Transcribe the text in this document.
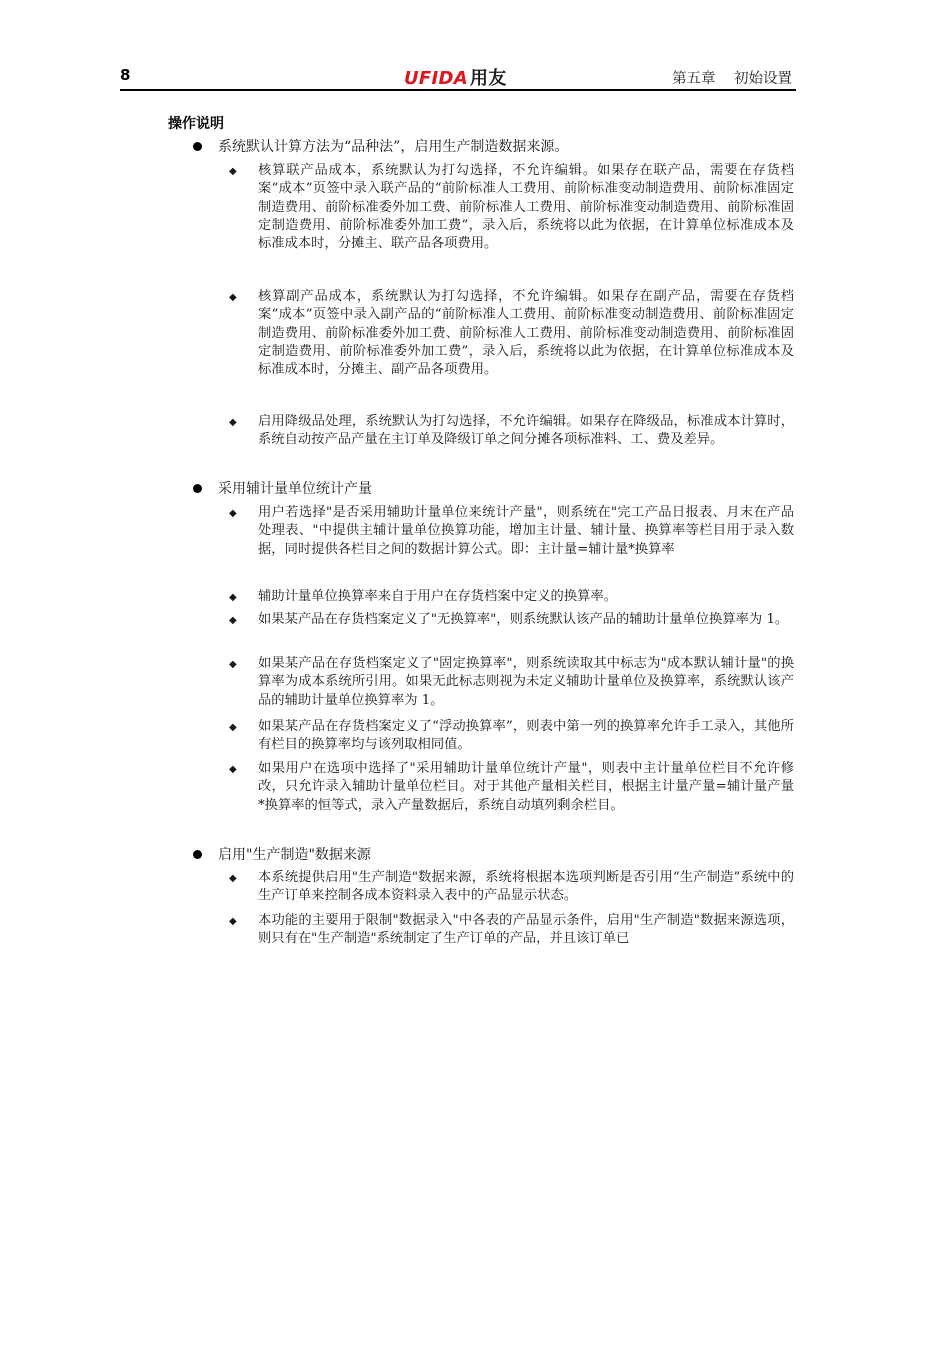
8	UFIDA 用友	第五章    初始设置
操作说明
系统默认计算方法为“品种法”，启用生产制造数据来源。
◆ 核算联产品成本，系统默认为打勾选择，不允许编辑。如果存在联产品，需要在存货档案“成本”页签中录入联产品的“前阶标准人工费用、前阶标准变动制造费用、前阶标准固定制造费用、前阶标准委外加工费、前阶标准人工费用、前阶标准变动制造费用、前阶标准固定制造费用、前阶标准委外加工费”，录入后，系统将以此为依据，在计算单位标准成本及标准成本时，分摊主、联产品各项费用。
◆ 核算副产品成本，系统默认为打勾选择，不允许编辑。如果存在副产品，需要在存货档案“成本”页签中录入副产品的“前阶标准人工费用、前阶标准变动制造费用、前阶标准固定制造费用、前阶标准委外加工费、前阶标准人工费用、前阶标准变动制造费用、前阶标准固定制造费用、前阶标准委外加工费”，录入后，系统将以此为依据，在计算单位标准成本及标准成本时，分摊主、副产品各项费用。
◆ 启用降级品处理，系统默认为打勾选择，不允许编辑。如果存在降级品，标准成本计算时，系统自动按产品产量在主订单及降级订单之间分摊各项标准料、工、费及差异。
采用辅计量单位统计产量
◆ 用户若选择"是否采用辅助计量单位来统计产量"，则系统在"完工产品日报表、月末在产品处理表、"中提供主辅计量单位换算功能，增加主计量、辅计量、换算率等栏目用于录入数据，同时提供各栏目之间的数据计算公式。即：主计量=辅计量*换算率
◆ 辅助计量单位换算率来自于用户在存货档案中定义的换算率。
◆ 如果某产品在存货档案定义了"无换算率"，则系统默认该产品的辅助计量单位换算率为 1。
◆ 如果某产品在存货档案定义了"固定换算率"，则系统读取其中标志为"成本默认辅计量"的换算率为成本系统所引用。如果无此标志则视为未定义辅助计量单位及换算率，系统默认该产品的辅助计量单位换算率为 1。
◆ 如果某产品在存货档案定义了“浮动换算率”，则表中第一列的换算率允许手工录入，其他所有栏目的换算率均与该列取相同值。
◆ 如果用户在选项中选择了"采用辅助计量单位统计产量"，则表中主计量单位栏目不允许修改，只允许录入辅助计量单位栏目。对于其他产量相关栏目，根据主计量产量=辅计量产量*换算率的恒等式，录入产量数据后，系统自动填列剩余栏目。
启用"生产制造"数据来源
◆ 本系统提供启用"生产制造"数据来源，系统将根据本选项判断是否引用“生产制造”系统中的生产订单来控制各成本资料录入表中的产品显示状态。
◆ 本功能的主要用于限制"数据录入"中各表的产品显示条件，启用"生产制造"数据来源选项，则只有在"生产制造"系统制定了生产订单的产品，并且该订单已
